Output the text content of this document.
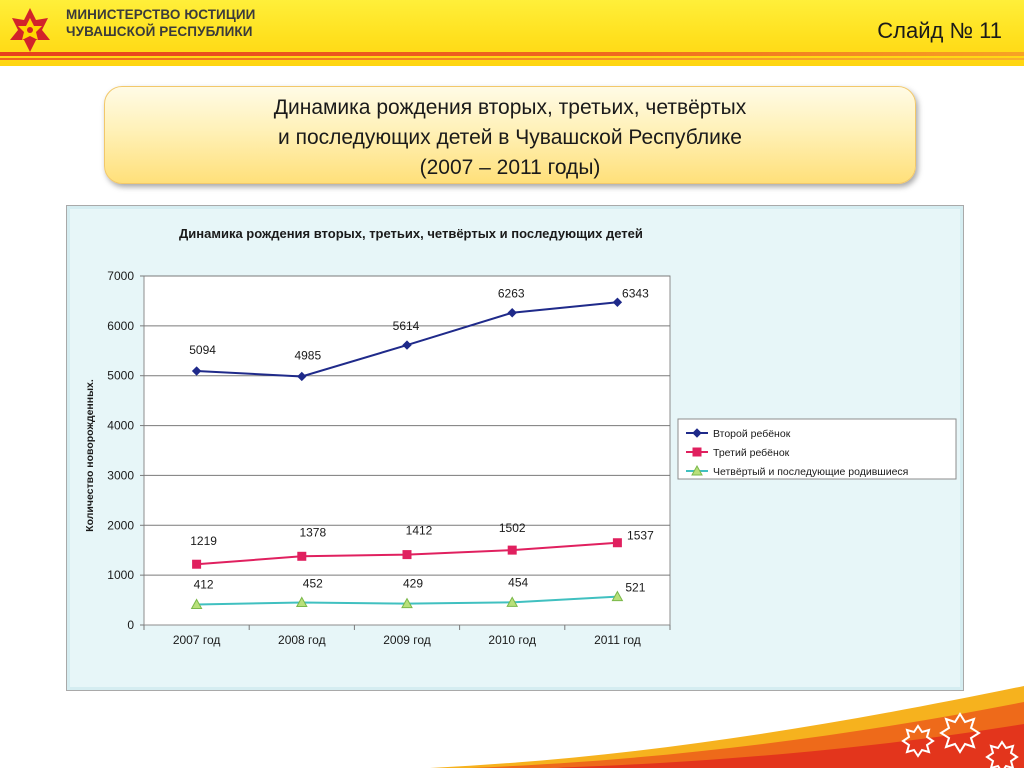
МИНИСТЕРСТВО ЮСТИЦИИ
ЧУВАШСКОЙ РЕСПУБЛИКИ	Слайд № 11
Динамика рождения вторых, третьих, четвёртых
и последующих детей в Чувашской Республике
(2007 – 2011 годы)
Динамика рождения вторых, третьих, четвёртых и последующих детей
0
1000
2000
3000
4000
5000
6000
7000
2007 год	2008 год	2009 год	2010 год	2011 год
Количество новорожденных.
5094	4985
5614
6263	6343
1219
1378	1412	1502
1537
412	452	429	454	521
Второй ребёнок
Третий ребёнок
Четвёртый и последующие родившиеся
